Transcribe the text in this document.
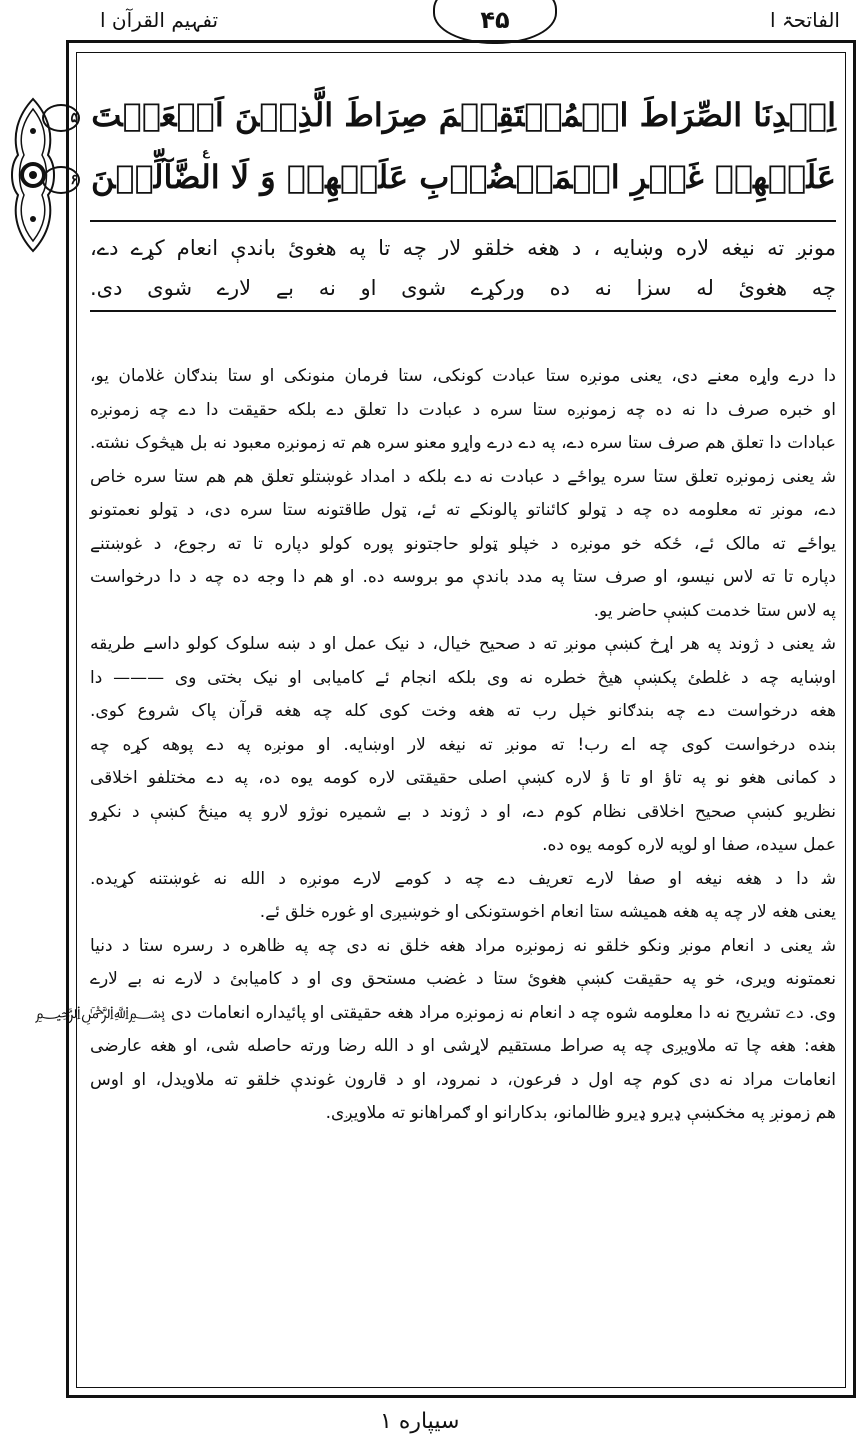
تفہیم القرآن ا	۴۵	الفاتحۃ ا
اِھۡدِنَا الصِّرَاطَ الۡمُسۡتَقِیۡمَ صِرَاطَ الَّذِیۡنَ اَنۡعَمۡتَ ۵
عَلَیۡھِمۡ غَیۡرِ الۡمَغۡضُوۡبِ عَلَیۡھِمۡ وَ لَا الضَّآلِّیۡنَ ۶
ع
مونږ ته نیغه لاره وښایه ، د هغه خلقو لار چه تا په هغوئ باندې انعام کړے دے،
چه هغوئ له سزا نه ده ورکړے شوی او نه بے لارے شوی دی.
دا درے واړه معنے دی، یعنی مونږه ستا عبادت کونکی، ستا فرمان منونکی او ستا بندګان غلامان یو،
او خبره صرف دا نه ده چه زمونږه ستا سره د عبادت دا تعلق دے بلکه حقیقت دا دے چه زمونږه
عبادات دا تعلق هم صرف ستا سره دے، په دے درے واړو معنو سره هم ته زمونږه معبود نه بل هیڅوک نشته.
ﺷ یعنی زمونږه تعلق ستا سره یواځے د عبادت نه دے بلکه د امداد غوښتلو تعلق هم هم ستا سره خاص
دے، مونږ ته معلومه ده چه د ټولو کائناتو پالونکے ته ئے، ټول طاقتونه ستا سره دی، د ټولو نعمتونو
یواځے ته مالک ئے، ځکه خو مونږه د خپلو ټولو حاجتونو پوره کولو دپاره تا ته رجوع، د غوښتنے
دپاره تا ته لاس نیسو، او صرف ستا په مدد باندې مو بروسه ده. او هم دا وجه ده چه د دا درخواست
په لاس ستا خدمت کښې حاضر یو.
ﺷ یعنی د ژوند په هر اړخ کښې مونږ ته د صحیح خیال، د نیک عمل او د ښه سلوک کولو داسے طریقه
اوښایه چه د غلطئ پکښې هیڅ خطره نه وی بلکه انجام ئے کامیابی او نیک بختی وی ——— دا
هغه درخواست دے چه بندګانو خپل رب ته هغه وخت کوی کله چه هغه قرآن پاک شروع کوی.
بنده درخواست کوی چه اے رب! ته مونږ ته نیغه لار اوښایه. او مونږه په دے پوهه کړه چه
د کمانی هغو نو په تاؤ او تا ؤ لاره کښې اصلی حقیقتی لاره کومه یوه ده، په دے مختلفو اخلاقی
نظریو کښې صحیح اخلاقی نظام کوم دے، او د ژوند د بے شمیره نوژو لارو په مینځ کښې د نکړو
عمل سیده، صفا او لویه لاره کومه یوه ده.
ﺷ دا د هغه نیغه او صفا لارے تعریف دے چه د کومے لارے مونږه د الله نه غوښتنه کړیده.
یعنی هغه لار چه په هغه همیشه ستا انعام اخوستونکی او خوښیږی او غوره خلق ئے.
ﺷ یعنی د انعام مونږ ونکو خلقو نه زمونږه مراد هغه خلق نه دی چه په ظاهره د رسره ستا د دنیا
نعمتونه ویری، خو په حقیقت کښې هغوئ ستا د غضب مستحق وی او د کامیابئ د لارے نه بے لارے
وی. دے تشریح نه دا معلومه شوه چه د انعام نه زمونږه مراد هغه حقیقتی او پائیداره انعامات دی ﷽
هغه: هغه چا ته ملاویږی چه په صراط مستقیم لاړشی او د الله رضا ورته حاصله شی، او هغه عارضی
انعامات مراد نه دی کوم چه اول د فرعون، د نمرود، او د قارون غوندې خلقو ته ملاویدل، او اوس
هم زمونږ په مخکښې ډیرو ډیرو ظالمانو، بدکارانو او ګمراهانو ته ملاویږی.
سیپاره ۱
